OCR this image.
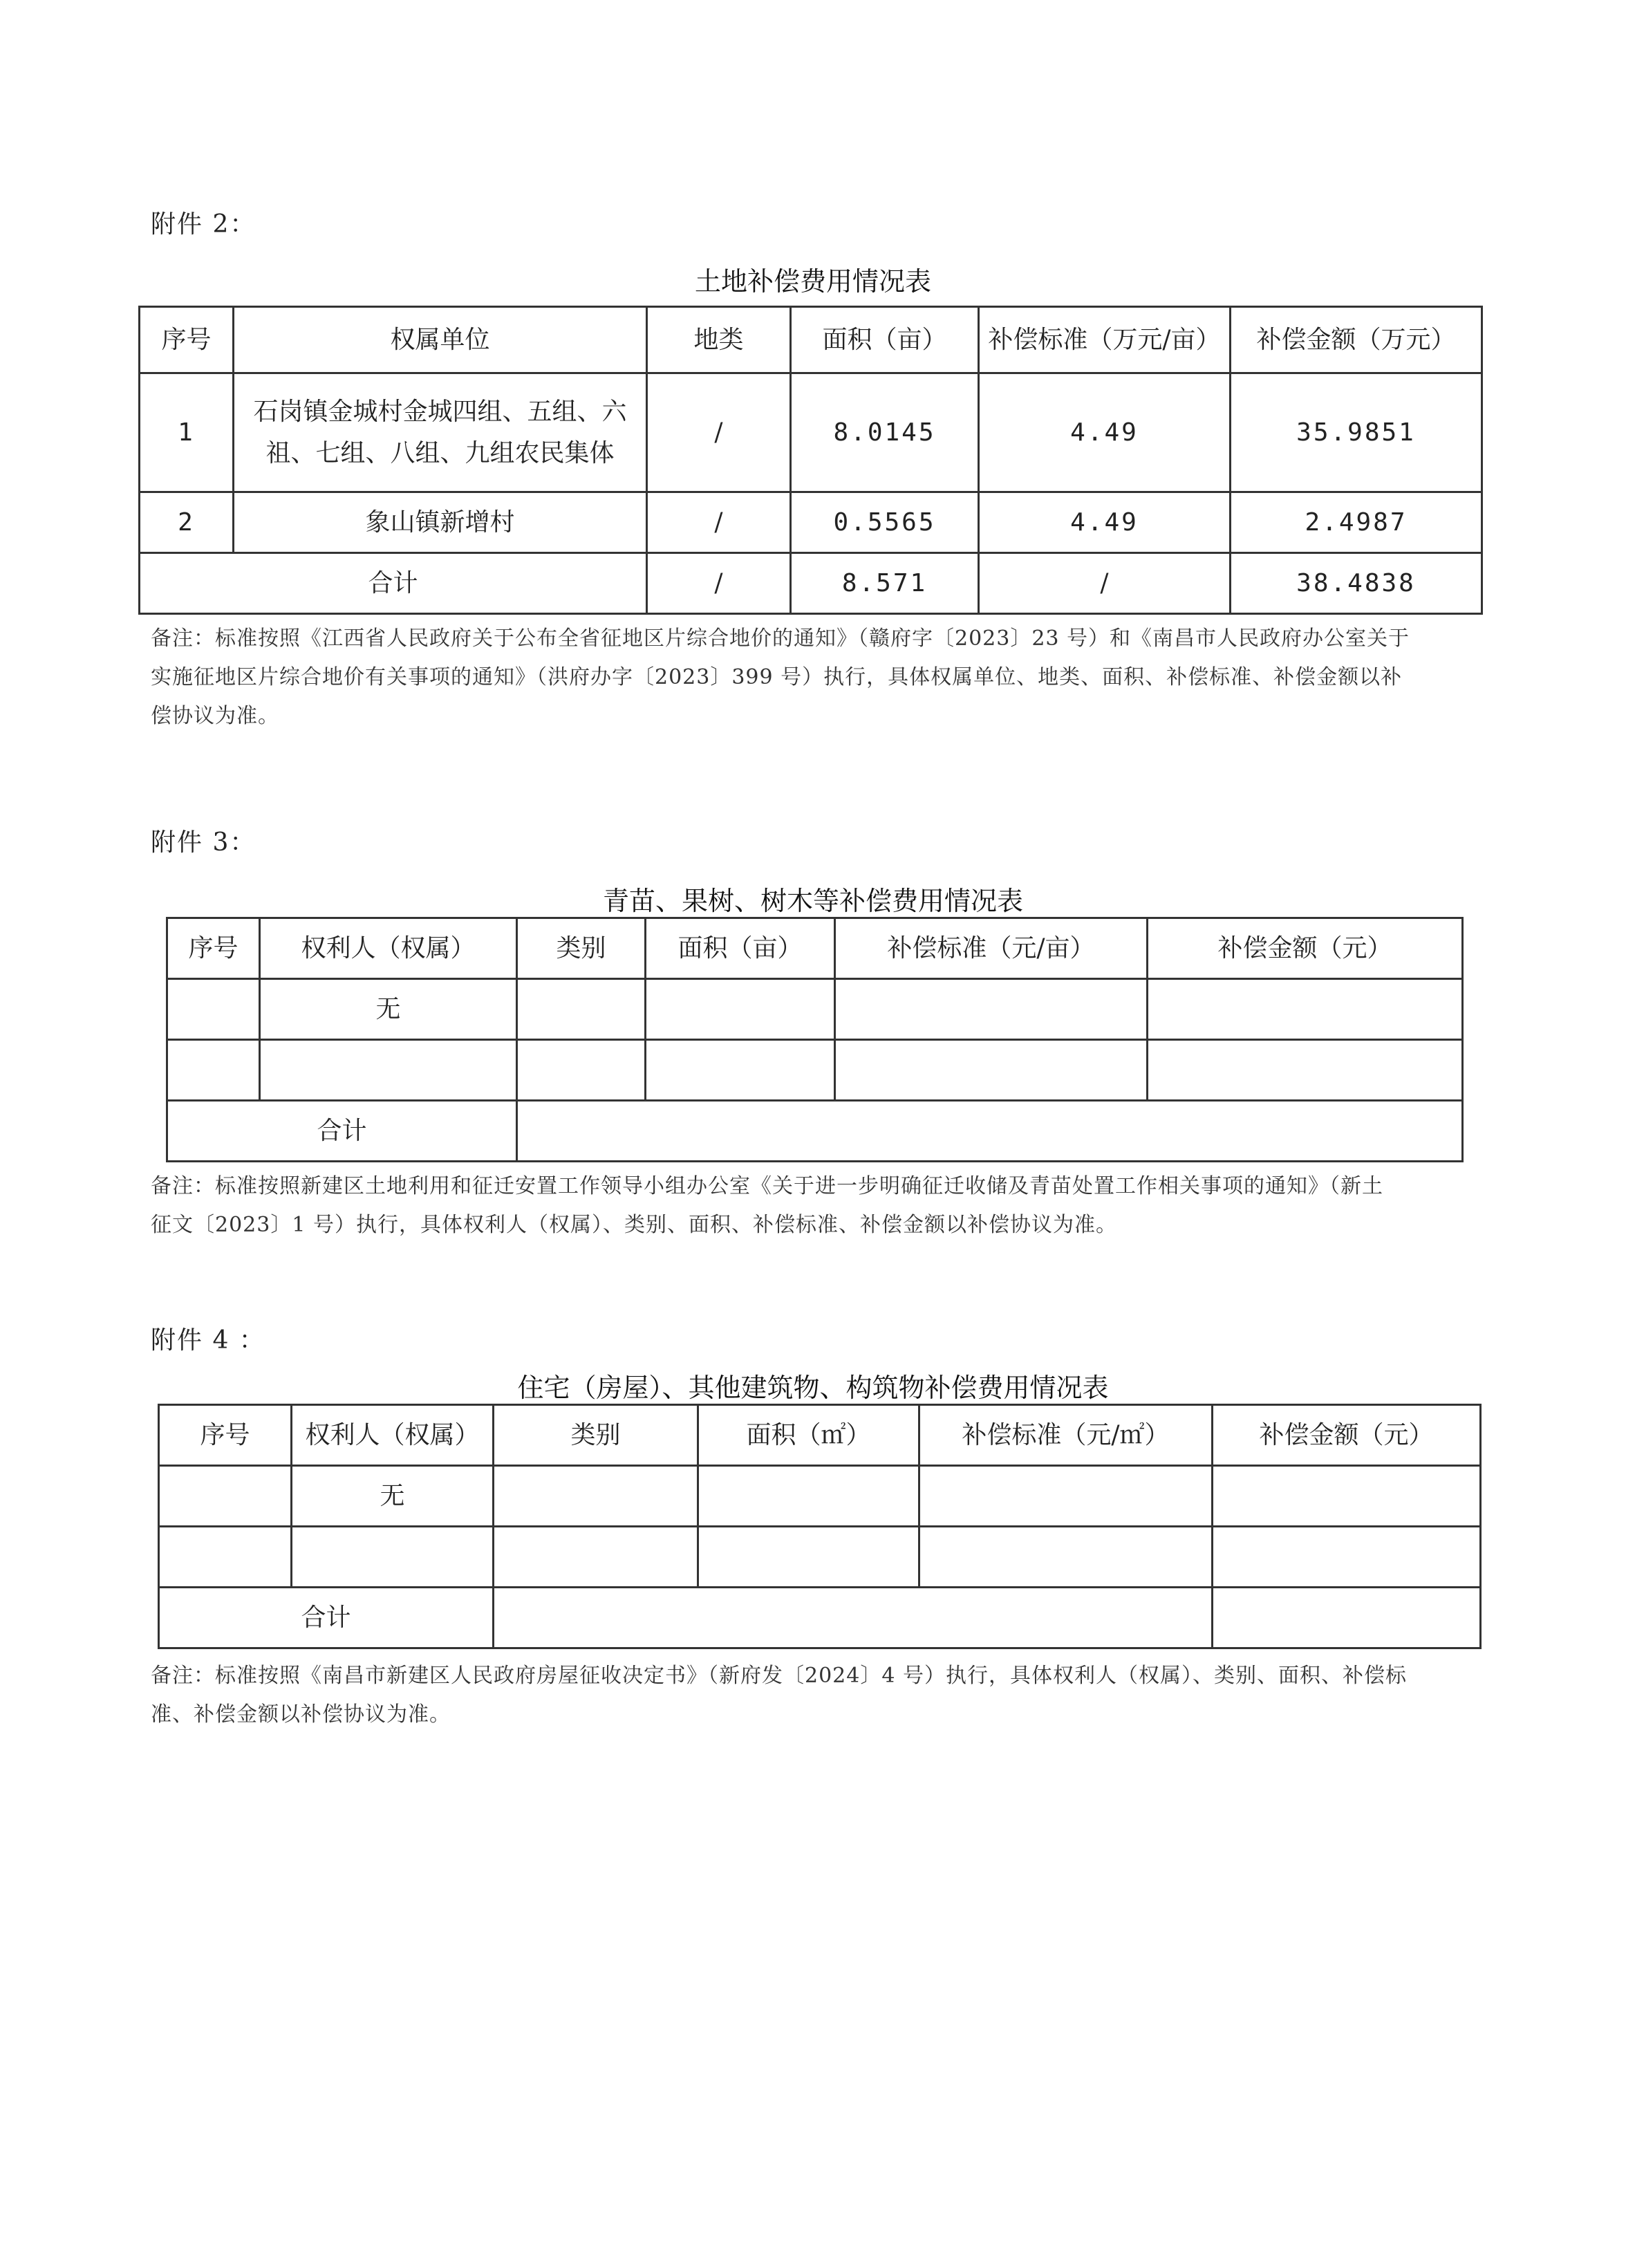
附件 2：
土地补偿费用情况表
序号	权属单位	地类	面积（亩）	补偿标准（万元/亩）	补偿金额（万元）
1	石岗镇金城村金城四组、五组、六
祖、七组、八组、九组农民集体	/	8.0145	4.49	35.9851
2	象山镇新增村	/	0.5565	4.49	2.4987
合计		/	8.571	/	38.4838
备注：标准按照《江西省人民政府关于公布全省征地区片综合地价的通知》（赣府字〔2023〕23 号）和《南昌市人民政府办公室关于
实施征地区片综合地价有关事项的通知》（洪府办字〔2023〕399 号）执行，具体权属单位、地类、面积、补偿标准、补偿金额以补
偿协议为准。
附件 3：
青苗、果树、树木等补偿费用情况表
序号	权利人（权属）	类别	面积（亩）	补偿标准（元/亩）	补偿金额（元）
	无				

合计					
备注：标准按照新建区土地利用和征迁安置工作领导小组办公室《关于进一步明确征迁收储及青苗处置工作相关事项的通知》（新土
征文〔2023〕1 号）执行，具体权利人（权属）、类别、面积、补偿标准、补偿金额以补偿协议为准。
附件 4 ：
住宅（房屋）、其他建筑物、构筑物补偿费用情况表
序号	权利人（权属）	类别	面积（㎡）	补偿标准（元/㎡）	补偿金额（元）
	无				

合计					
备注：标准按照《南昌市新建区人民政府房屋征收决定书》（新府发〔2024〕4 号）执行，具体权利人（权属）、类别、面积、补偿标
准、补偿金额以补偿协议为准。
